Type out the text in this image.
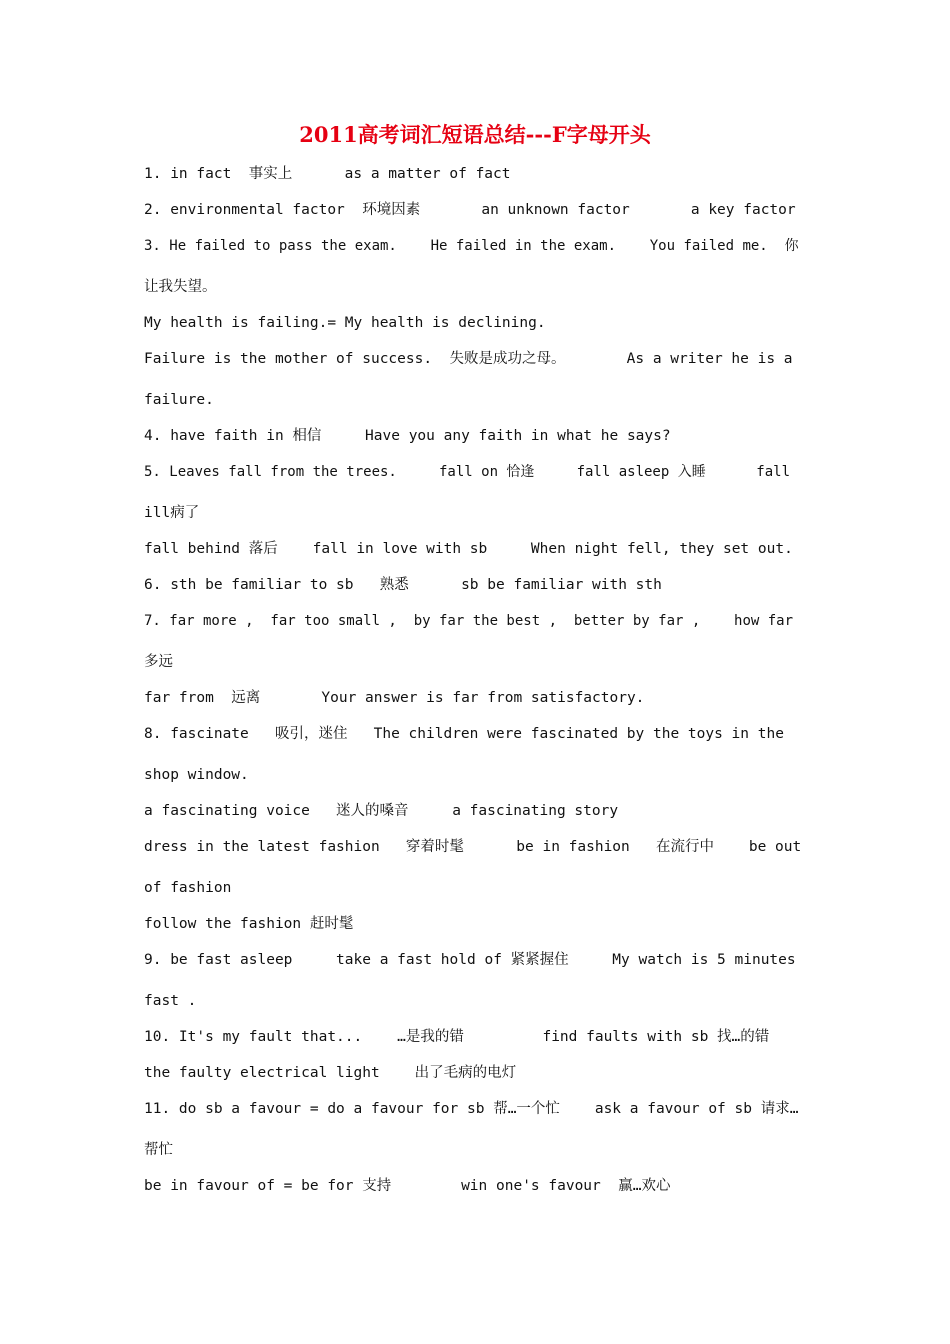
2011高考词汇短语总结---F字母开头
1. in fact  事实上      as a matter of fact
2. environmental factor  环境因素       an unknown factor       a key factor
3. He failed to pass the exam.    He failed in the exam.    You failed me.  你
让我失望。
My health is failing.= My health is declining.
Failure is the mother of success.  失败是成功之母。       As a writer he is a
failure.
4. have faith in 相信     Have you any faith in what he says?
5. Leaves fall from the trees.     fall on 恰逢     fall asleep 入睡      fall
ill病了
fall behind 落后    fall in love with sb     When night fell, they set out.
6. sth be familiar to sb   熟悉      sb be familiar with sth
7. far more ,  far too small ,  by far the best ,  better by far ,    how far
多远
far from  远离       Your answer is far from satisfactory.
8. fascinate   吸引，迷住   The children were fascinated by the toys in the
shop window.
a fascinating voice   迷人的嗓音     a fascinating story
dress in the latest fashion   穿着时髦      be in fashion   在流行中    be out
of fashion
follow the fashion 赶时髦
9. be fast asleep     take a fast hold of 紧紧握住     My watch is 5 minutes
fast .
10. It's my fault that...    …是我的错         find faults with sb 找…的错
the faulty electrical light    出了毛病的电灯
11. do sb a favour = do a favour for sb 帮…一个忙    ask a favour of sb 请求…
帮忙
be in favour of = be for 支持        win one's favour  赢…欢心
